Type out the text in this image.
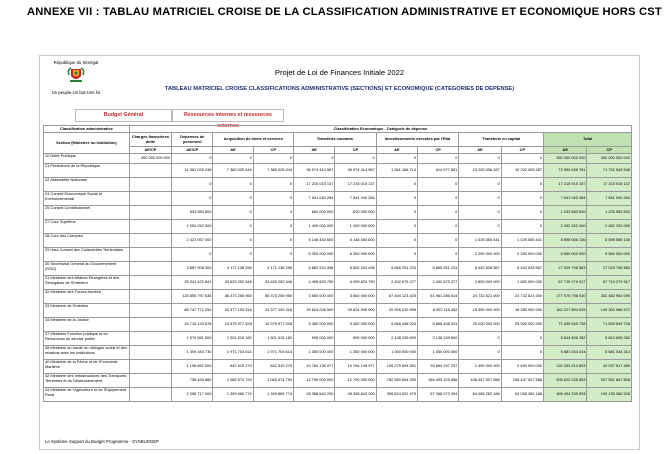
ANNEXE VII : TABLAU MATRICIEL CROISE DE LA CLASSIFICATION ADMINISTRATIVE ET ECONOMIQUE HORS CST
République du Sénégal
Un peuple-Un but-Une foi
Projet de Loi de Finances Initiale 2022
TABLEAU MATRICIEL CROISE CLASSIFICATIONS ADMINISTRATIVE (SECTIONS) ET ECONOMIQUE (CATEGORIES DE DEPENSE)
Budget Général	Ressources internes et ressources externes
Classification administrative	Classification Economique - Catégorie de dépense											
Section (Ministère ou Institution)	Charges financières dette	Dépenses de personnel	Acquisition de biens et services		Transferts courants		Investissements exécutés par l'Etat		Transferts en capital		Total	
	AE/CP	AE/CP	AE	CP	AE	CP	AE	CP	AE	CP	AE	CP
10 Dette Publique	350 000 000 000	0	0	0	0	0	0	0	0	0	350 000 000 000	350 000 000 000
21 Présidence de la République		11 561 025 248	7 380 025 944	7 380 025 944	36 974 414 567	36 974 414 567	1 561 166 714	614 077 551	15 202 006 287	15 202 006 287	72 699 638 761	71 731 549 548
22 Assemblée Nationale		0	0	0	17 215 015 137	17 215 015 137	0	0	0	0	17 215 015 137	17 215 015 137
24 Conseil Economique Social et Environnemental		0	0	0	7 541 040 284	7 541 040 284	0	0	0	0	7 541 040 284	7 541 040 284
25 Conseil Constitutionnel		633 583 600	0	0	600 000 000	600 000 000	0	0	0	0	1 233 583 600	1 233 583 600
27 Cour Suprême		1 052 252 000	0	0	1 400 000 000	1 400 000 000	0	0	0	0	2 452 252 000	2 452 252 000
28 Cour des Comptes		2 421 057 000	0	0	5 148 453 600	5 148 453 600	0	0	1 025 555 441	1 025 555 441	8 595 066 136	8 595 066 136
29 Haut Conseil des Collectivités Territoriales		0	0	0	6 300 000 000	6 300 000 000	0	0	2 250 000 000	2 250 000 000	8 550 000 000	8 550 000 000
30 Secrétariat Général du Gouvernement (SGG)		3 887 906 000	4 171 138 296	4 171 138 296	6 862 924 496	6 862 924 496	5 665 251 224	5 665 251 224	6 442 528 567	6 442 528 567	27 029 796 583	27 029 796 583
31 Ministère des Affaires Etrangères et des Sénégalais de l'Extérieur		25 341 421 841	33 629 252 946	33 629 252 946	4 495 829 750	4 495 829 750	2 402 675 377	2 402 675 377	1 850 000 000	1 850 000 000	67 719 279 917	67 719 279 917
32 Ministère des Forces Armées		125 855 797 635	56 373 255 950	56 373 255 950	3 560 000 000	3 560 000 000	67 454 123 425	51 961 286 514	24 732 621 000	24 732 621 000	277 975 798 010	262 482 961 099
33 Ministère de l'Intérieur		88 747 771 252	24 377 193 318	24 377 193 318	29 624 008 500	29 624 008 500	20 926 015 955	8 002 118 452	18 350 000 000	18 350 000 000	162 227 894 025	149 300 986 472
34 Ministère de la Justice		24 715 133 678	10 975 977 528	10 975 977 528	5 482 000 000	5 482 000 000	5 666 438 024	5 666 438 024	25 000 000 000	25 000 000 000	71 839 549 728	71 839 549 728
37 Ministère Fonction publique et du Renouveau du service public		1 579 551 500	1 501 515 182	1 501 515 182	595 000 000	595 000 000	2 138 139 600	2 138 139 600	0	0	5 814 606 282	5 814 606 282
38 Ministère du travail du dialogue social et des relations avec les Institutions		1 309 340 730	1 971 703 614	1 971 703 614	1 350 000 000	1 350 000 000	1 050 000 000	1 050 000 000	0	0	5 681 044 314	5 681 044 314
40 Ministère de la Pêche et de l'Economie Maritime		1 196 862 000	642 519 270	642 519 270	10 764 136 977	10 764 136 977	105 279 894 551	25 664 297 237	2 450 000 000	2 450 000 000	120 333 414 803	42 037 817 489
42 Ministère des Infrastructures des Transports Terrestres et du Désenclavement		758 459 882	1 065 574 793	1 065 574 793	12 790 000 000	12 790 000 000	782 560 694 590	186 490 125 656	108 447 507 588	108 447 507 588	905 622 236 853	307 551 667 808
43 Ministère de l'Agriculture et de l'Equipement Rural		2 058 717 000	1 399 665 774	1 399 665 774	28 358 643 200	28 358 643 200	359 624 531 479	97 268 072 494	64 058 282 166	64 058 282 166	455 494 239 593	193 135 380 526
Le Système Support du Budget Programme - SYSBUDGEP
